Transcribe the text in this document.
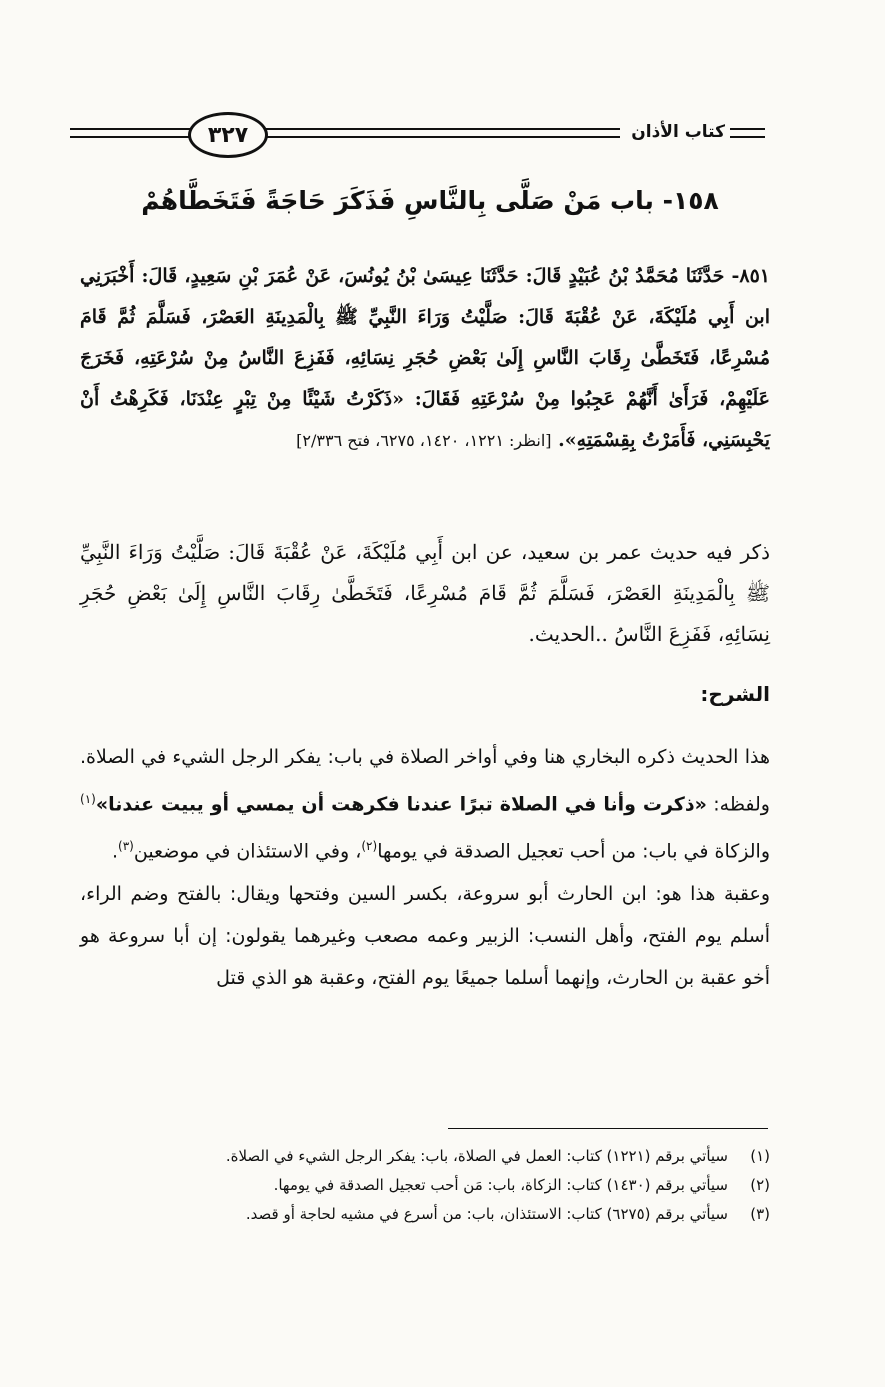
٣٢٧	كتاب الأذان
١٥٨- باب مَنْ صَلَّى بِالنَّاسِ فَذَكَرَ حَاجَةً فَتَخَطَّاهُمْ
٨٥١- حَدَّثَنَا مُحَمَّدُ بْنُ عُبَيْدٍ قَالَ: حَدَّثَنَا عِيسَىٰ بْنُ يُونُسَ، عَنْ عُمَرَ بْنِ سَعِيدٍ، قَالَ: أَخْبَرَنِي ابن أَبِي مُلَيْكَةَ، عَنْ عُقْبَةَ قَالَ: صَلَّيْتُ وَرَاءَ النَّبِيِّ ﷺ بِالْمَدِينَةِ العَصْرَ، فَسَلَّمَ ثُمَّ قَامَ مُسْرِعًا، فَتَخَطَّىٰ رِقَابَ النَّاسِ إِلَىٰ بَعْضِ حُجَرِ نِسَائِهِ، فَفَزِعَ النَّاسُ مِنْ سُرْعَتِهِ، فَخَرَجَ عَلَيْهِمْ، فَرَأَىٰ أَنَّهُمْ عَجِبُوا مِنْ سُرْعَتِهِ فَقَالَ: «ذَكَرْتُ شَيْئًا مِنْ تِبْرٍ عِنْدَنَا، فَكَرِهْتُ أَنْ يَحْبِسَنِي، فَأَمَرْتُ بِقِسْمَتِهِ». [انظر: ١٢٢١، ١٤٢٠، ٦٢٧٥، فتح ٢/٣٣٦]
ذكر فيه حديث عمر بن سعيد، عن ابن أَبِي مُلَيْكَةَ، عَنْ عُقْبَةَ قَالَ: صَلَّيْتُ وَرَاءَ النَّبِيِّ ﷺ بِالْمَدِينَةِ العَصْرَ، فَسَلَّمَ ثُمَّ قَامَ مُسْرِعًا، فَتَخَطَّىٰ رِقَابَ النَّاسِ إِلَىٰ بَعْضِ حُجَرِ نِسَائِهِ، فَفَزِعَ النَّاسُ ..الحديث.
الشرح:
هذا الحديث ذكره البخاري هنا وفي أواخر الصلاة في باب: يفكر الرجل الشيء في الصلاة. ولفظه: «ذكرت وأنا في الصلاة تبرًا عندنا فكرهت أن يمسي أو يبيت عندنا»$^{(١)}$ والزكاة في باب: من أحب تعجيل الصدقة في يومها$^{(٢)}$، وفي الاستئذان في موضعين$^{(٣)}$.
وعقبة هذا هو: ابن الحارث أبو سروعة، بكسر السين وفتحها ويقال: بالفتح وضم الراء، أسلم يوم الفتح، وأهل النسب: الزبير وعمه مصعب وغيرهما يقولون: إن أبا سروعة هو أخو عقبة بن الحارث، وإنهما أسلما جميعًا يوم الفتح، وعقبة هو الذي قتل
(١)
سيأتي برقم (١٢٢١) كتاب: العمل في الصلاة، باب: يفكر الرجل الشيء في الصلاة.
(٢)
سيأتي برقم (١٤٣٠) كتاب: الزكاة، باب: مَن أحب تعجيل الصدقة في يومها.
(٣)
سيأتي برقم (٦٢٧٥) كتاب: الاستئذان، باب: من أسرع في مشيه لحاجة أو قصد.
